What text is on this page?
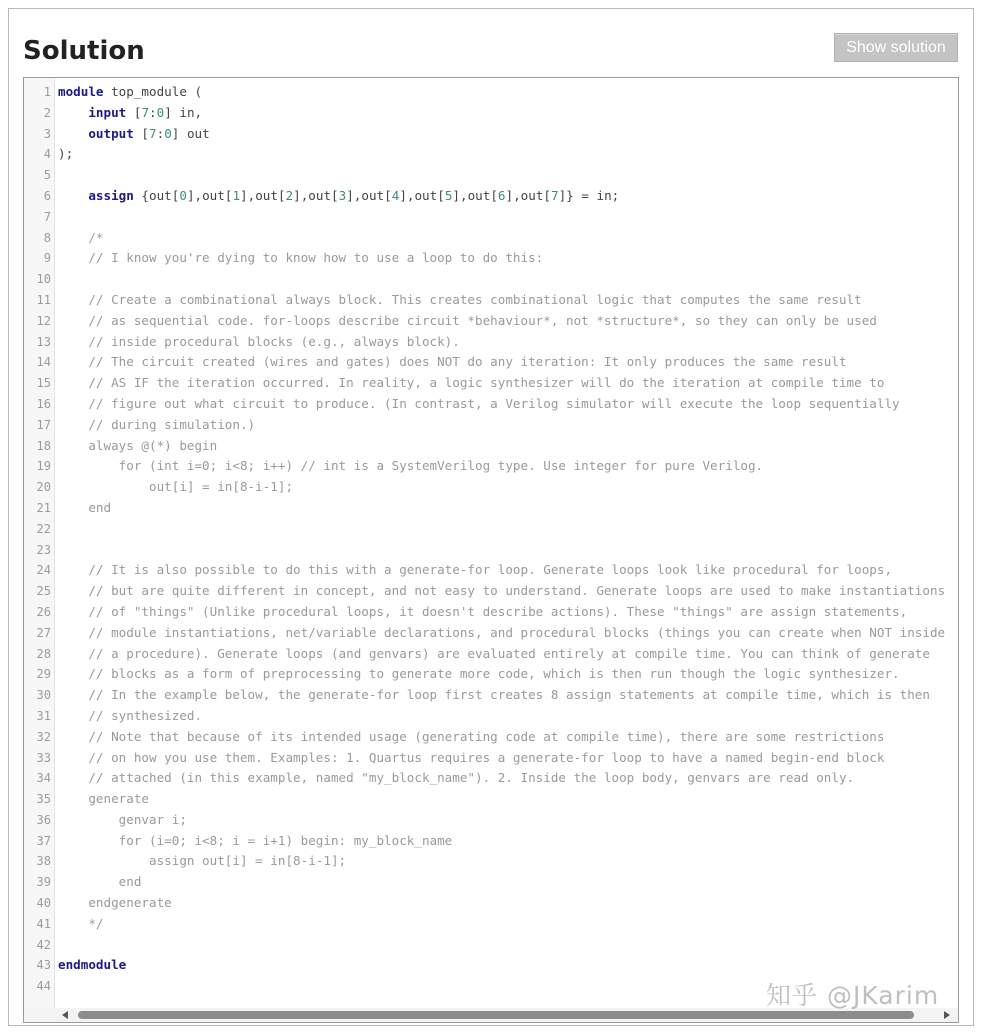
Solution	Show solution
1 module top_module (
2	input [7:0] in,
3	output [7:0] out
4 );
5
6	assign {out[0],out[1],out[2],out[3],out[4],out[5],out[6],out[7]} = in;
7
8 /*
9 // I know you're dying to know how to use a loop to do this:
10
11 // Create a combinational always block. This creates combinational logic that computes the same result
12 // as sequential code. for-loops describe circuit *behaviour*, not *structure*, so they can only be used
13 // inside procedural blocks (e.g., always block).
14 // The circuit created (wires and gates) does NOT do any iteration: It only produces the same result
15 // AS IF the iteration occurred. In reality, a logic synthesizer will do the iteration at compile time to
16 // figure out what circuit to produce. (In contrast, a Verilog simulator will execute the loop sequentially
17 // during simulation.)
18 always @(*) begin
19 for (int i=0; i<8; i++) // int is a SystemVerilog type. Use integer for pure Verilog.
20 out[i] = in[8-i-1];
21 end
22
23
24 // It is also possible to do this with a generate-for loop. Generate loops look like procedural for loops,
25 // but are quite different in concept, and not easy to understand. Generate loops are used to make instantiations
26 // of "things" (Unlike procedural loops, it doesn't describe actions). These "things" are assign statements,
27 // module instantiations, net/variable declarations, and procedural blocks (things you can create when NOT inside
28 // a procedure). Generate loops (and genvars) are evaluated entirely at compile time. You can think of generate
29 // blocks as a form of preprocessing to generate more code, which is then run though the logic synthesizer.
30 // In the example below, the generate-for loop first creates 8 assign statements at compile time, which is then
31 // synthesized.
32 // Note that because of its intended usage (generating code at compile time), there are some restrictions
33 // on how you use them. Examples: 1. Quartus requires a generate-for loop to have a named begin-end block
34 // attached (in this example, named "my_block_name"). 2. Inside the loop body, genvars are read only.
35 generate
36 genvar i;
37 for (i=0; i<8; i = i+1) begin: my_block_name
38 assign out[i] = in[8-i-1];
39 end
40 endgenerate
41 */
42
43 endmodule
44	知乎 @JKarim
